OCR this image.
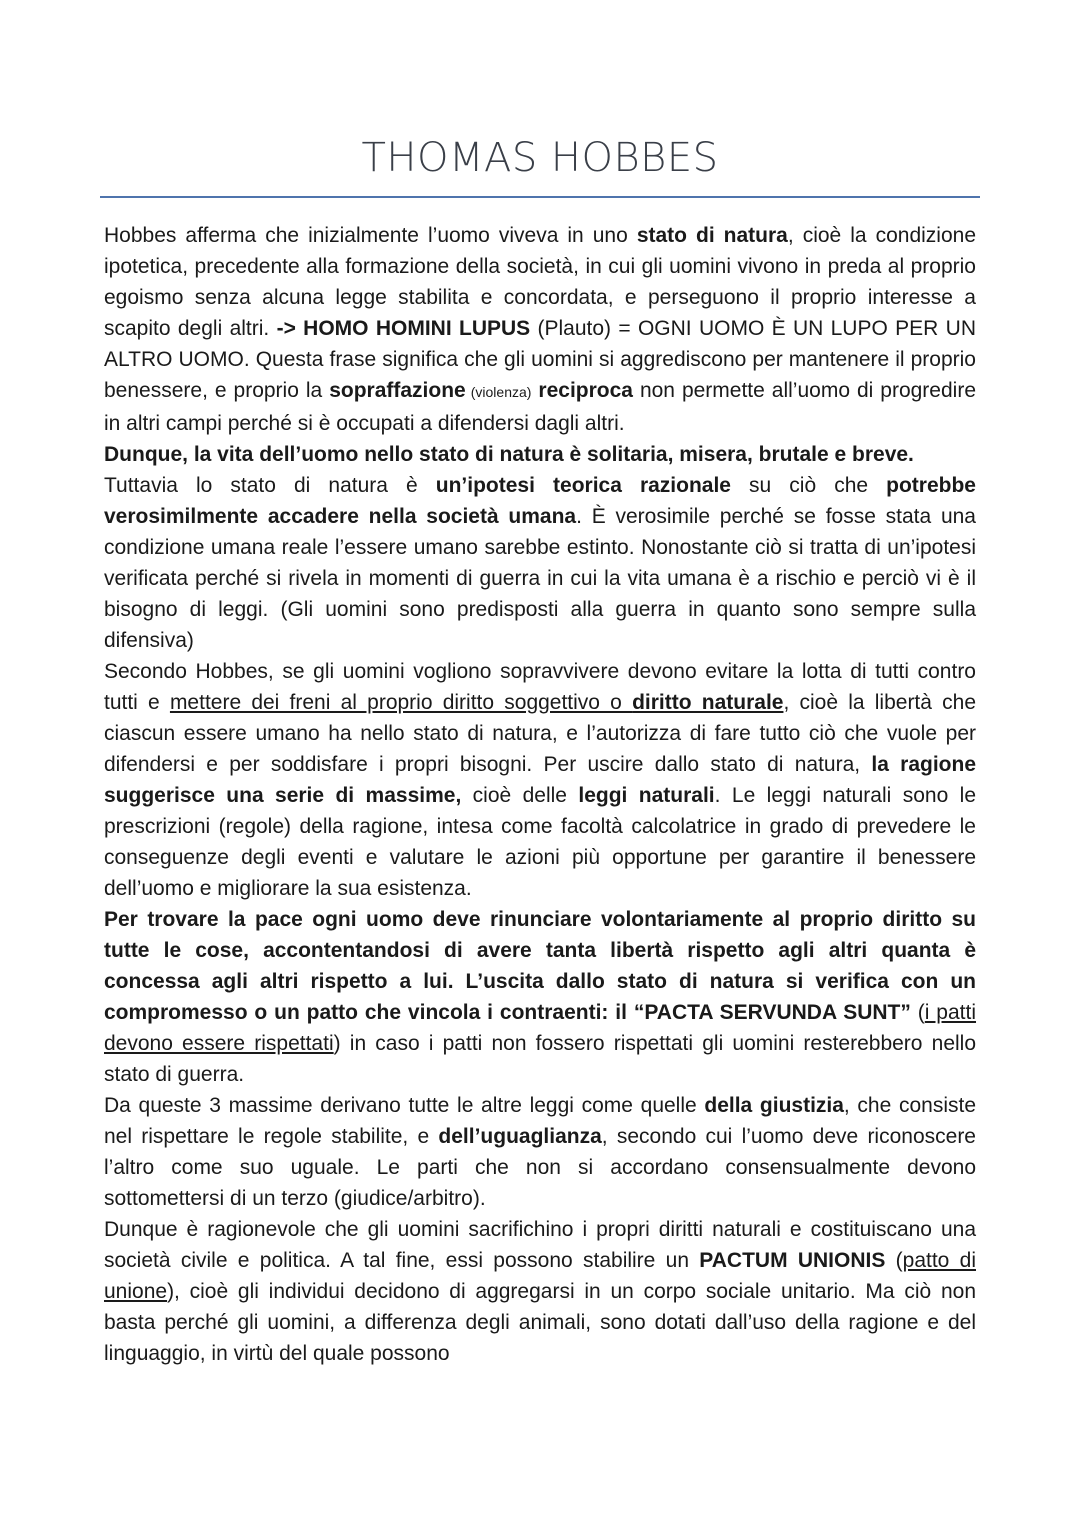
THOMAS HOBBES

Hobbes afferma che inizialmente l’uomo viveva in uno stato di natura, cioè la condizione ipotetica, precedente alla formazione della società, in cui gli uomini vivono in preda al proprio egoismo senza alcuna legge stabilita e concordata, e perseguono il proprio interesse a scapito degli altri. -> HOMO HOMINI LUPUS (Plauto) = OGNI UOMO È UN LUPO PER UN ALTRO UOMO. Questa frase significa che gli uomini si aggrediscono per mantenere il proprio benessere, e proprio la sopraffazione (violenza) reciproca non permette all’uomo di progredire in altri campi perché si è occupati a difendersi dagli altri.

Dunque, la vita dell’uomo nello stato di natura è solitaria, misera, brutale e breve.

Tuttavia lo stato di natura è un’ipotesi teorica razionale su ciò che potrebbe verosimilmente accadere nella società umana. È verosimile perché se fosse stata una condizione umana reale l’essere umano sarebbe estinto. Nonostante ciò si tratta di un’ipotesi verificata perché si rivela in momenti di guerra in cui la vita umana è a rischio e perciò vi è il bisogno di leggi. (Gli uomini sono predisposti alla guerra in quanto sono sempre sulla difensiva)

Secondo Hobbes, se gli uomini vogliono sopravvivere devono evitare la lotta di tutti contro tutti e mettere dei freni al proprio diritto soggettivo o diritto naturale, cioè la libertà che ciascun essere umano ha nello stato di natura, e l’autorizza di fare tutto ciò che vuole per difendersi e per soddisfare i propri bisogni. Per uscire dallo stato di natura, la ragione suggerisce una serie di massime, cioè delle leggi naturali. Le leggi naturali sono le prescrizioni (regole) della ragione, intesa come facoltà calcolatrice in grado di prevedere le conseguenze degli eventi e valutare le azioni più opportune per garantire il benessere dell’uomo e migliorare la sua esistenza.

Per trovare la pace ogni uomo deve rinunciare volontariamente al proprio diritto su tutte le cose, accontentandosi di avere tanta libertà rispetto agli altri quanta è concessa agli altri rispetto a lui. L’uscita dallo stato di natura si verifica con un compromesso o un patto che vincola i contraenti: il “PACTA SERVUNDA SUNT” (i patti devono essere rispettati) in caso i patti non fossero rispettati gli uomini resterebbero nello stato di guerra.

Da queste 3 massime derivano tutte le altre leggi come quelle della giustizia, che consiste nel rispettare le regole stabilite, e dell’uguaglianza, secondo cui l’uomo deve riconoscere l’altro come suo uguale. Le parti che non si accordano consensualmente devono sottomettersi di un terzo (giudice/arbitro).

Dunque è ragionevole che gli uomini sacrifichino i propri diritti naturali e costituiscano una società civile e politica. A tal fine, essi possono stabilire un PACTUM UNIONIS (patto di unione), cioè gli individui decidono di aggregarsi in un corpo sociale unitario. Ma ciò non basta perché gli uomini, a differenza degli animali, sono dotati dall’uso della ragione e del linguaggio, in virtù del quale possono
